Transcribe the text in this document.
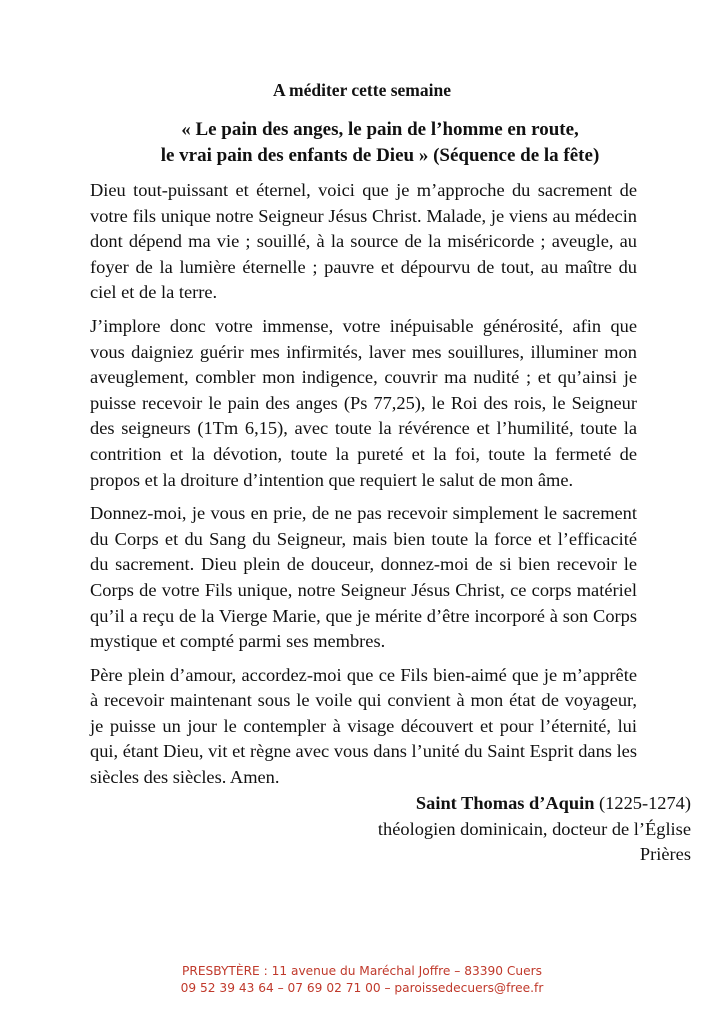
A méditer cette semaine
« Le pain des anges, le pain de l’homme en route,
le vrai pain des enfants de Dieu » (Séquence de la fête)

Dieu tout-puissant et éternel, voici que je m’approche du sacrement de votre fils unique notre Seigneur Jésus Christ. Malade, je viens au médecin dont dépend ma vie ; souillé, à la source de la miséricorde ; aveugle, au foyer de la lumière éternelle ; pauvre et dépourvu de tout, au maître du ciel et de la terre.

J’implore donc votre immense, votre inépuisable générosité, afin que vous daigniez guérir mes infirmités, laver mes souillures, illuminer mon aveuglement, combler mon indigence, couvrir ma nudité ; et qu’ainsi je puisse recevoir le pain des anges (Ps 77,25), le Roi des rois, le Seigneur des seigneurs (1Tm 6,15), avec toute la révérence et l’humilité, toute la contrition et la dévotion, toute la pureté et la foi, toute la fermeté de propos et la droiture d’intention que requiert le salut de mon âme.

Donnez-moi, je vous en prie, de ne pas recevoir simplement le sacrement du Corps et du Sang du Seigneur, mais bien toute la force et l’efficacité du sacrement. Dieu plein de douceur, donnez-moi de si bien recevoir le Corps de votre Fils unique, notre Seigneur Jésus Christ, ce corps matériel qu’il a reçu de la Vierge Marie, que je mérite d’être incorporé à son Corps mystique et compté parmi ses membres.

Père plein d’amour, accordez-moi que ce Fils bien-aimé que je m’apprête à recevoir maintenant sous le voile qui convient à mon état de voyageur, je puisse un jour le contempler à visage découvert et pour l’éternité, lui qui, étant Dieu, vit et règne avec vous dans l’unité du Saint Esprit dans les siècles des siècles. Amen.

Saint Thomas d’Aquin (1225-1274)
théologien dominicain, docteur de l’Église
Prières
PRESBYTÈRE : 11 avenue du Maréchal Joffre – 83390 Cuers
09 52 39 43 64 – 07 69 02 71 00 – paroissedecuers@free.fr
